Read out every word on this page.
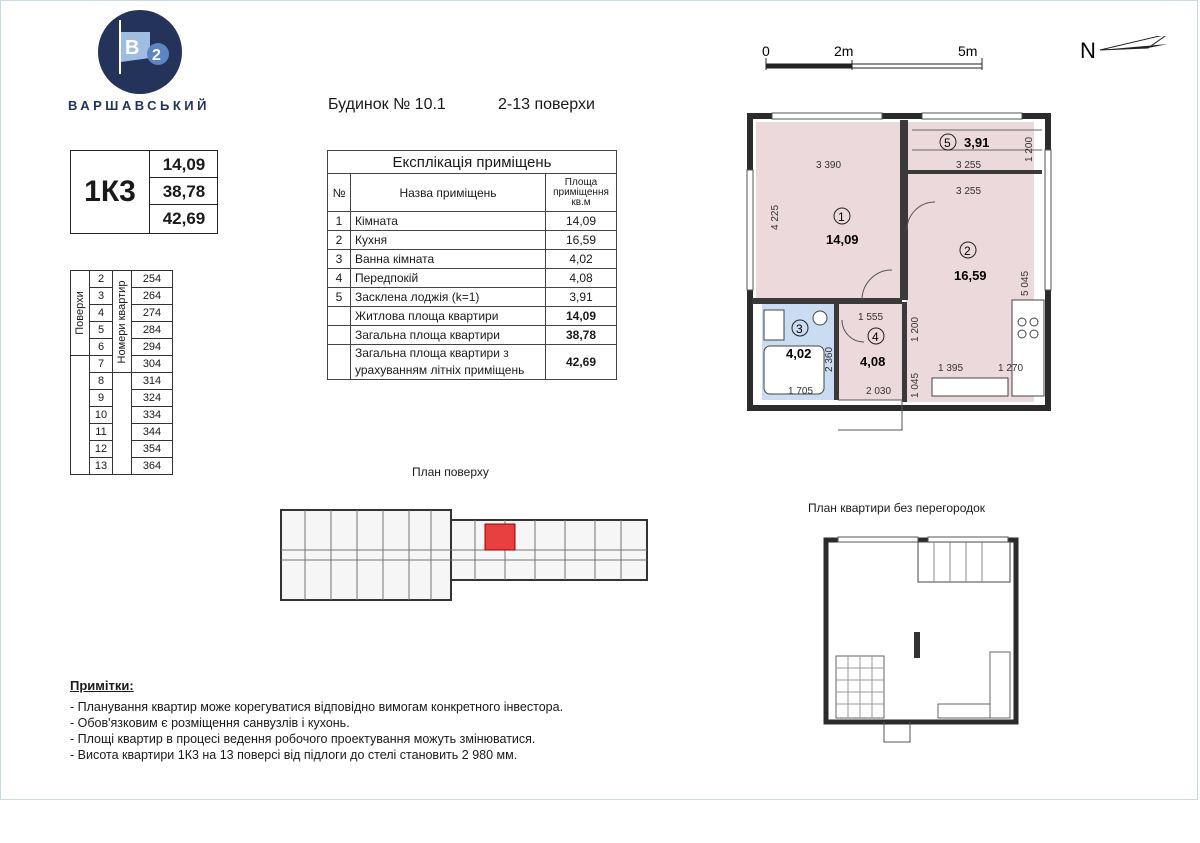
B 2
ВАРШАВСЬКИЙ
1К3
14,09
38,78
42,69
Поверхи	2	Номери квартир	254
	3		264
	4		274
	5		284
	6		294
	7		304
	8		314
	9		324
	10		334
	11		344
	12		354
	13		364
Будинок № 10.1	2-13 поверхи
Експлікація приміщень		
№	Назва приміщень	Площа приміщення кв.м
1	Кімната	14,09
2	Кухня	16,59
3	Ванна кімната	4,02
4	Передпокій	4,08
5	Засклена лоджія (k=1)	3,91
	Житлова площа квартири	14,09
	Загальна площа квартири	38,78
	Загальна площа квартири з урахуванням літніх приміщень	42,69
0	2m	5m	N
1
14,09
2
16,59
3
4,02
4
4,08
5 3,91
3 390	3 255
3 255
4 225
5 045
1 200
1 555	1 200
2 360	1 395	1 270
1 045
1 705	2 030
План поверху
План квартири без перегородок
Примітки:
- Планування квартир може корегуватися відповідно вимогам конкретного інвестора.
- Обов'язковим є розміщення санвузлів і кухонь.
- Площі квартир в процесі ведення робочого проектування можуть змінюватися.
- Висота квартири 1К3 на 13 поверсі від підлоги до стелі становить 2 980 мм.
